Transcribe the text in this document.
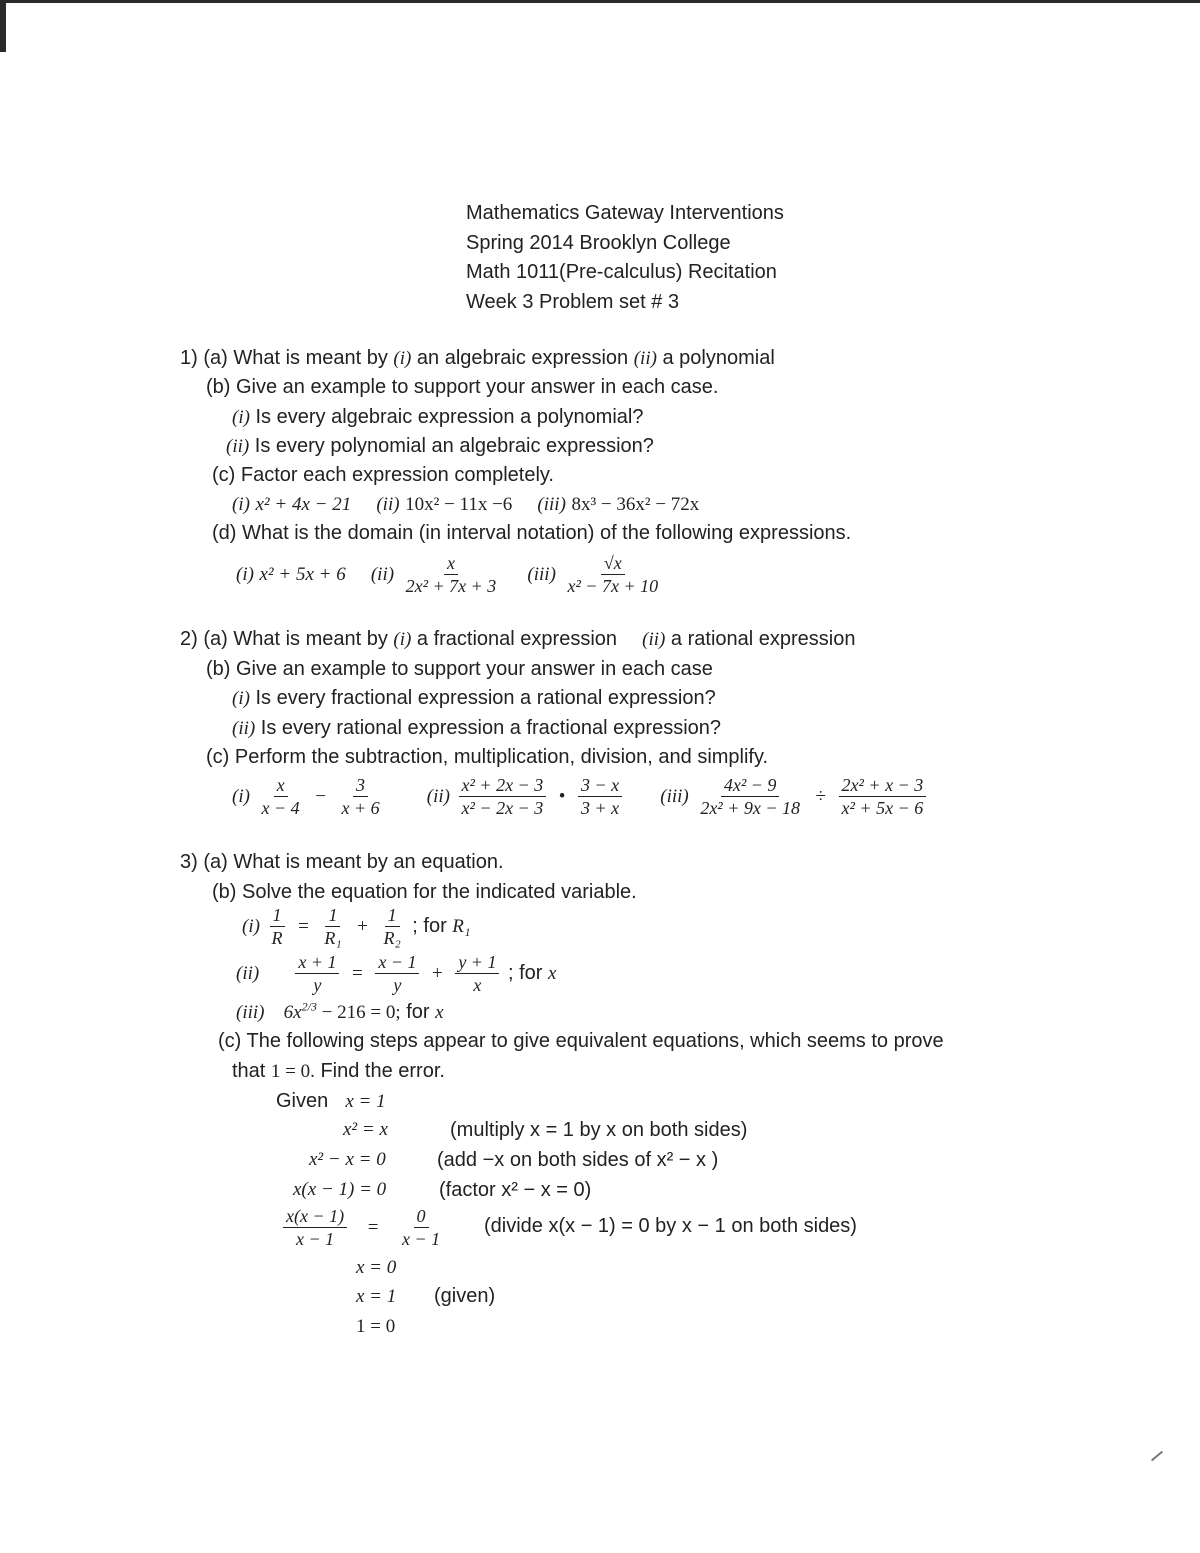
Mathematics Gateway Interventions
Spring 2014 Brooklyn College
Math 1011(Pre-calculus) Recitation
Week 3 Problem set # 3
1) (a) What is meant by (i) an algebraic expression (ii) a polynomial
(b) Give an example to support your answer in each case.
(i) Is every algebraic expression a polynomial?
(ii) Is every polynomial an algebraic expression?
(c) Factor each expression completely.
(i) x² + 4x − 21 (ii) 10x² − 11x −6 (iii) 8x³ − 36x² − 72x
(d) What is the domain (in interval notation) of the following expressions.
(i) x² + 5x + 6 $(ii) \frac{x}{\text{2x² + 7x + 3}} (iii) \frac{√x}{\text{x² − 7x + 10}}$
2) (a) What is meant by (i) a fractional expression (ii) a rational expression
(b) Give an example to support your answer in each case
(i) Is every fractional expression a rational expression?
(ii) Is every rational expression a fractional expression?
(c) Perform the subtraction, multiplication, division, and simplify.
$(i) \frac{x}{x - 4} - \frac{3}{x + 6} (ii) \frac{\text{x² + 2x − 3}}{\text{x² − 2x − 3}}$ • $\frac{3 - x}{3 + x} (iii) \frac{\text{4x² − 9}}{\text{2x² + 9x − 18}} \div \frac{\text{2x² + x − 3}}{\text{x² + 5x − 6}}$
3) (a) What is meant by an equation.
(b) Solve the equation for the indicated variable.
$(i) \frac{1}{R} = \frac{1}{\text{R₁}} + \frac{1}{\text{R₂}}$ ; for R₁
$(ii) \frac{x + 1}{y} = \frac{x - 1}{y} + \frac{y + 1}{x}$ ; for x
(iii) $6x^{2/3} - 216 = 0$; for x
(c) The following steps appear to give equivalent equations, which seems to prove
that 1 = 0. Find the error.
Given x = 1
x² = x	(multiply x = 1 by x on both sides)
x² − x = 0	(add −x on both sides of x² − x )
x(x − 1) = 0	(factor x² − x = 0)
$\frac{x(x - 1)}{x - 1} = \frac{0}{x - 1}$ (divide x(x − 1) = 0 by x − 1 on both sides)
x = 0
x = 1 (given)
1 = 0
